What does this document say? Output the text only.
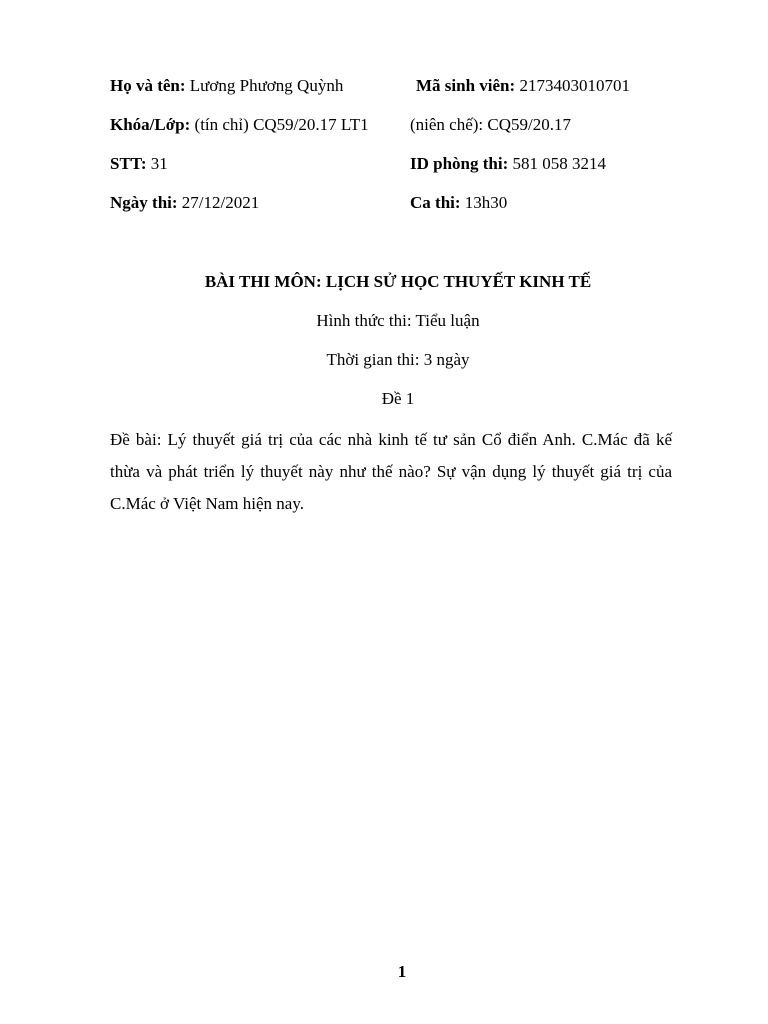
Họ và tên: Lương Phương Quỳnh	Mã sinh viên: 2173403010701
Khóa/Lớp: (tín chỉ) CQ59/20.17 LT1 (niên chế): CQ59/20.17
STT: 31	ID phòng thi: 581 058 3214
Ngày thi: 27/12/2021	Ca thi: 13h30
BÀI THI MÔN: LỊCH SỬ HỌC THUYẾT KINH TẾ
Hình thức thi: Tiểu luận
Thời gian thi: 3 ngày
Đề 1
Đề bài: Lý thuyết giá trị của các nhà kinh tế tư sản Cổ điển Anh. C.Mác đã kế thừa và phát triển lý thuyết này như thế nào? Sự vận dụng lý thuyết giá trị của C.Mác ở Việt Nam hiện nay.
1
